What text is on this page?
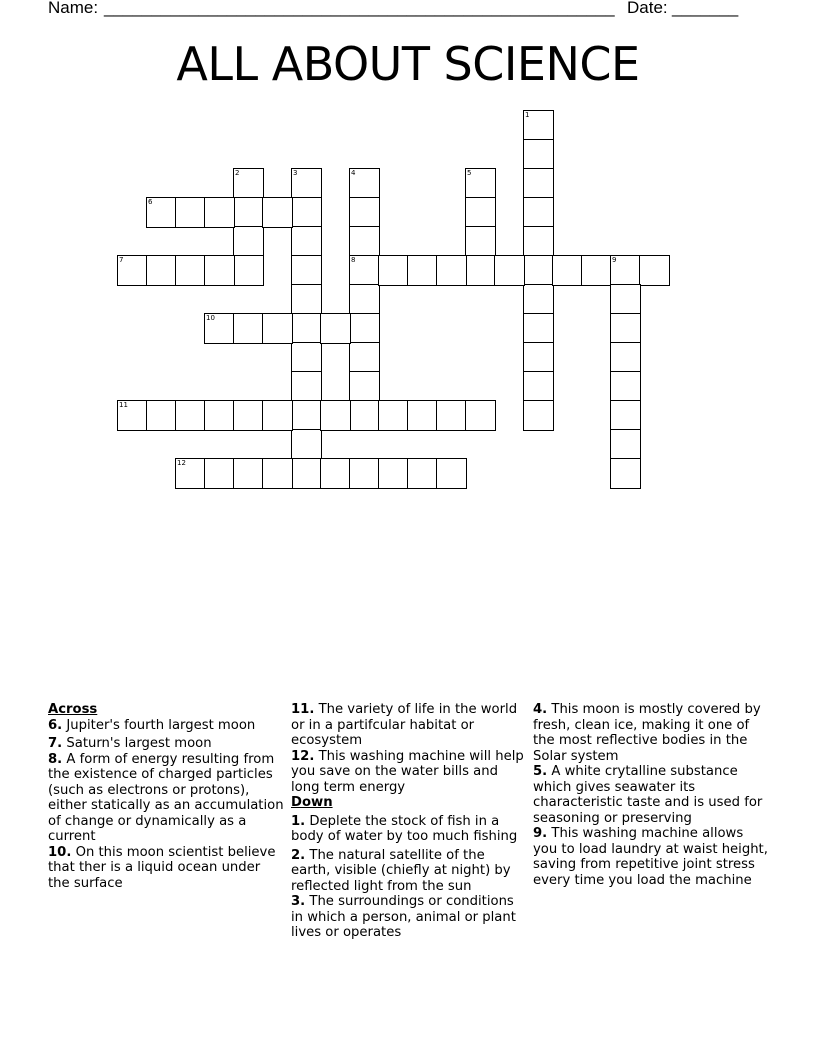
Name: ______________________________________________________ Date: _______
ALL ABOUT SCIENCE
1
2	3	4
8
5
6
7	9
10
11
12
Across

6. Jupiter's fourth largest moon

7. Saturn's largest moon

8. A form of energy resulting from the existence of charged particles (such as electrons or protons), either statically as an accumulation of change or dynamically as a current

10. On this moon scientist believe that ther is a liquid ocean under the surface

11. The variety of life in the world or in a partifcular habitat or ecosystem

12. This washing machine will help you save on the water bills and long term energy

Down

1. Deplete the stock of fish in a body of water by too much fishing

2. The natural satellite of the earth, visible (chiefly at night) by reflected light from the sun

3. The surroundings or conditions in which a person, animal or plant lives or operates

4. This moon is mostly covered by fresh, clean ice, making it one of the most reflective bodies in the Solar system

5. A white crytalline substance which gives seawater its characteristic taste and is used for seasoning or preserving

9. This washing machine allows you to load laundry at waist height, saving from repetitive joint stress every time you load the machine
